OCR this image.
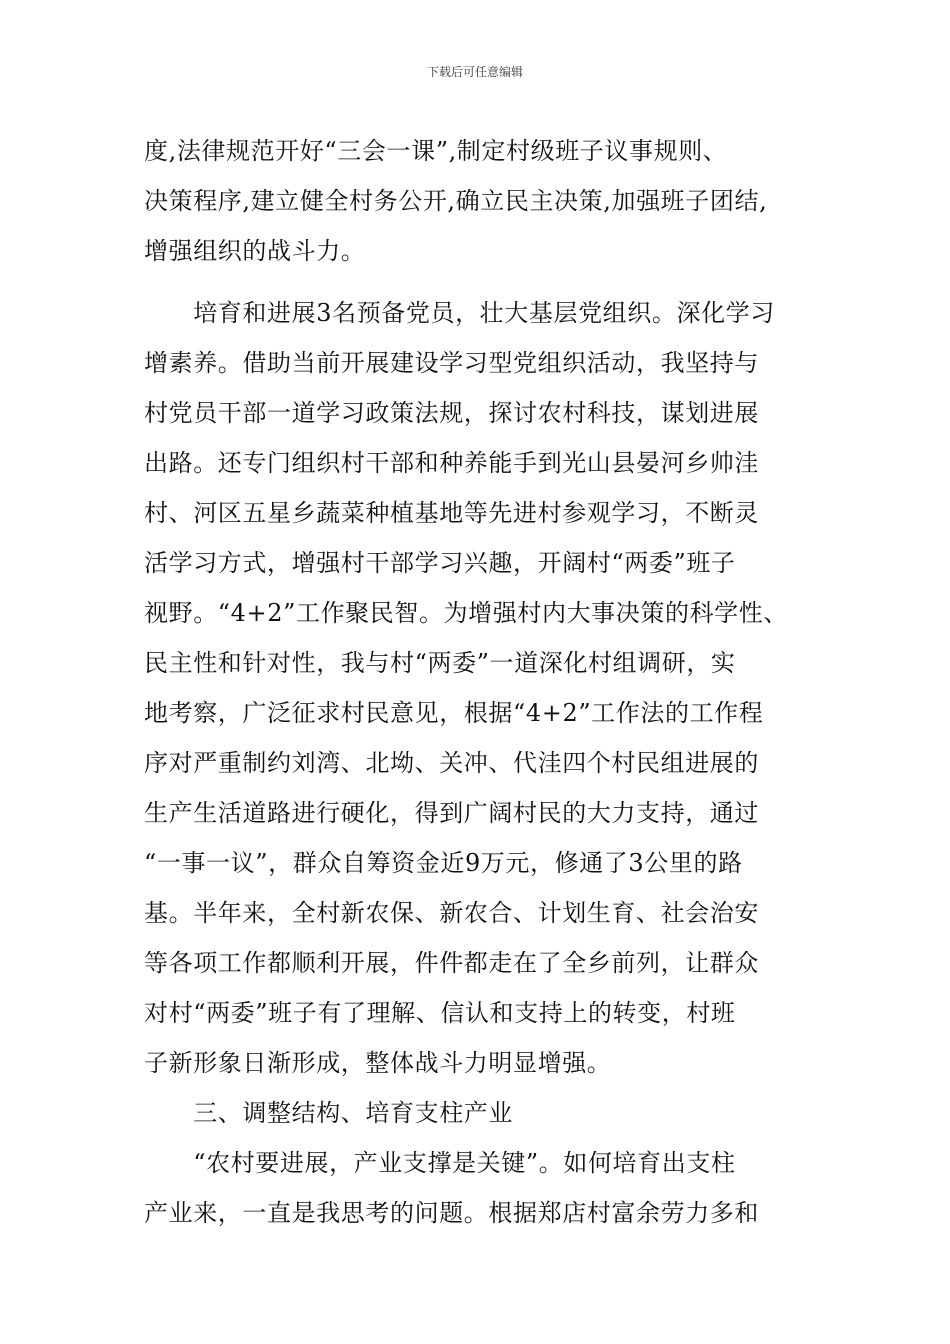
下载后可任意编辑
度,法律规范开好“三会一课”,制定村级班子议事规则、
决策程序,建立健全村务公开,确立民主决策,加强班子团结,
增强组织的战斗力。
　　培育和进展3名预备党员，壮大基层党组织。深化学习
增素养。借助当前开展建设学习型党组织活动，我坚持与
村党员干部一道学习政策法规，探讨农村科技，谋划进展
出路。还专门组织村干部和种养能手到光山县晏河乡帅洼
村、河区五星乡蔬菜种植基地等先进村参观学习，不断灵
活学习方式，增强村干部学习兴趣，开阔村“两委”班子
视野。“4+2”工作聚民智。为增强村内大事决策的科学性、
民主性和针对性，我与村“两委”一道深化村组调研，实
地考察，广泛征求村民意见，根据“4+2”工作法的工作程
序对严重制约刘湾、北坳、关冲、代洼四个村民组进展的
生产生活道路进行硬化，得到广阔村民的大力支持，通过
“一事一议”，群众自筹资金近9万元，修通了3公里的路
基。半年来，全村新农保、新农合、计划生育、社会治安
等各项工作都顺利开展，件件都走在了全乡前列，让群众
对村“两委”班子有了理解、信认和支持上的转变，村班
子新形象日渐形成，整体战斗力明显增强。
　　三、调整结构、培育支柱产业
　　“农村要进展，产业支撑是关键”。如何培育出支柱
产业来，一直是我思考的问题。根据郑店村富余劳力多和
